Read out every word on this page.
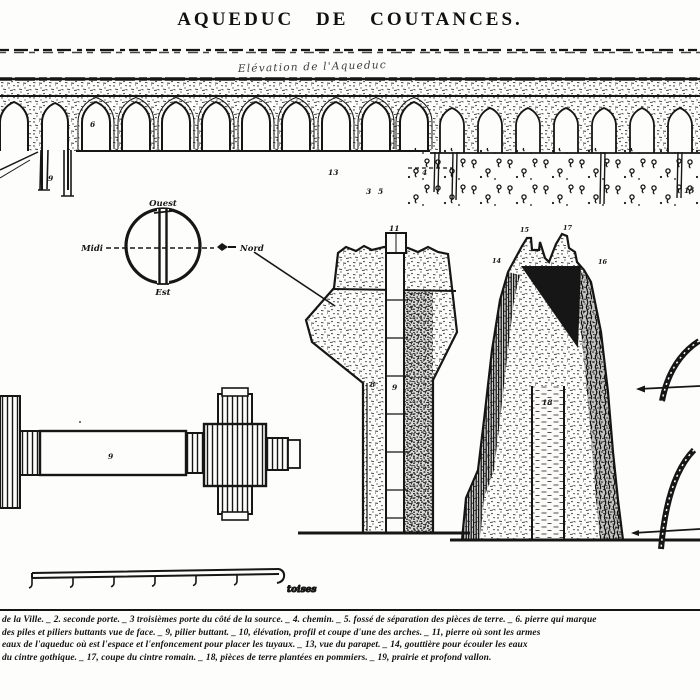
AQUEDUC DE COUTANCES.
Elévation de l'Aqueduc
Ouest
Nord
Est
Midi
toises
6
9
13	4
3 5	15
11
8 9
9
14
15	17
16
18
de la Ville. _ 2. seconde porte. _ 3 troisièmes porte du côté de la source. _ 4. chemin. _ 5. fossé de séparation des pièces de terre. _ 6. pierre qui marque
des piles et piliers buttants vue de face. _ 9, pilier buttant. _ 10, élévation, profil et coupe d'une des arches. _ 11, pierre où sont les armes
eaux de l'aqueduc où est l'espace et l'enfoncement pour placer les tuyaux. _ 13, vue du parapet. _ 14, gouttière pour écouler les eaux
du cintre gothique. _ 17, coupe du cintre romain. _ 18, pièces de terre plantées en pommiers. _ 19, prairie et profond vallon.
